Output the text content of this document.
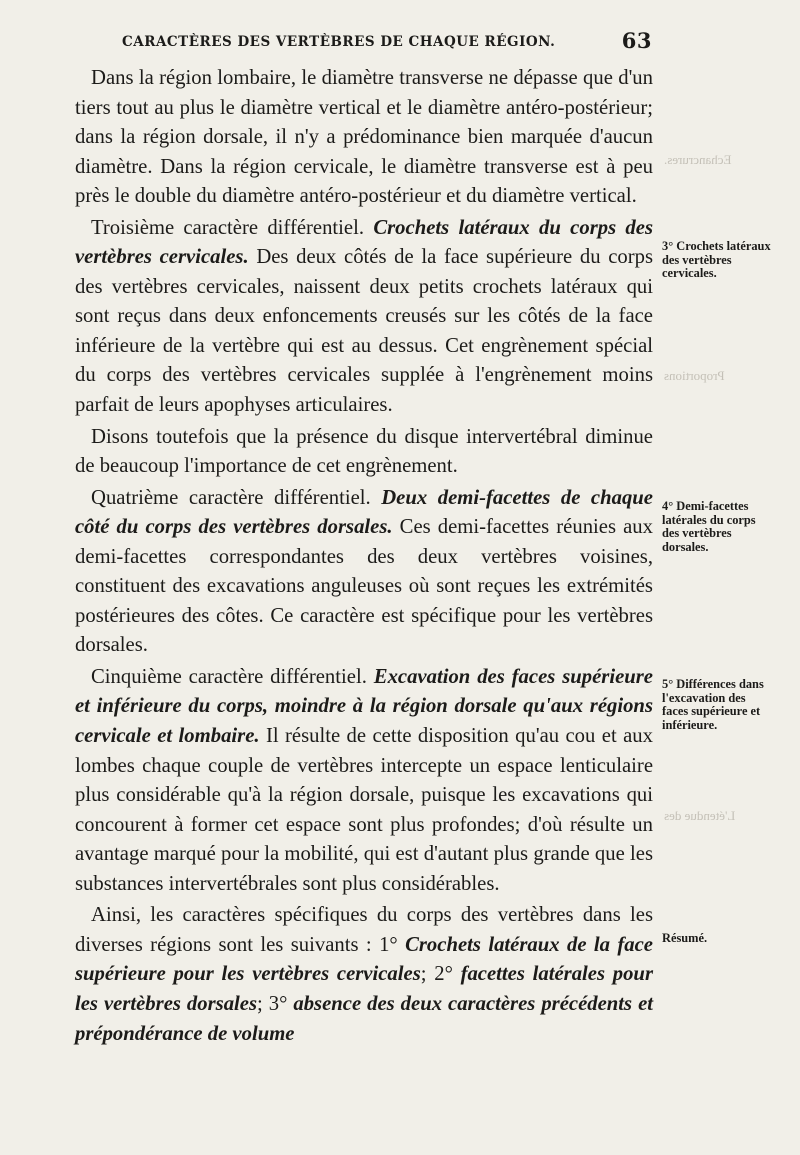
CARACTÈRES DES VERTÈBRES DE CHAQUE RÉGION.	63
Echancrures.
Proportions
L'étendue des

Dans la région lombaire, le diamètre transverse ne dépasse que d'un tiers tout au plus le diamètre vertical et le diamètre antéro-postérieur; dans la région dorsale, il n'y a prédominance bien marquée d'aucun diamètre. Dans la région cervicale, le diamètre transverse est à peu près le double du diamètre antéro-postérieur et du diamètre vertical.

Troisième caractère différentiel. Crochets latéraux du corps des vertèbres cervicales. Des deux côtés de la face supérieure du corps des vertèbres cervicales, naissent deux petits crochets latéraux qui sont reçus dans deux enfoncements creusés sur les côtés de la face inférieure de la vertèbre qui est au dessus. Cet engrènement spécial du corps des vertèbres cervicales supplée à l'engrènement moins parfait de leurs apophyses articulaires.

Disons toutefois que la présence du disque intervertébral diminue de beaucoup l'importance de cet engrènement.

Quatrième caractère différentiel. Deux demi-facettes de chaque côté du corps des vertèbres dorsales. Ces demi-facettes réunies aux demi-facettes correspondantes des deux vertèbres voisines, constituent des excavations anguleuses où sont reçues les extrémités postérieures des côtes. Ce caractère est spécifique pour les vertèbres dorsales.

Cinquième caractère différentiel. Excavation des faces supérieure et inférieure du corps, moindre à la région dorsale qu'aux régions cervicale et lombaire. Il résulte de cette disposition qu'au cou et aux lombes chaque couple de vertèbres intercepte un espace lenticulaire plus considérable qu'à la région dorsale, puisque les excavations qui concourent à former cet espace sont plus profondes; d'où résulte un avantage marqué pour la mobilité, qui est d'autant plus grande que les substances intervertébrales sont plus considérables.

Ainsi, les caractères spécifiques du corps des vertèbres dans les diverses régions sont les suivants : 1° Crochets latéraux de la face supérieure pour les vertèbres cervicales; 2° facettes latérales pour les vertèbres dorsales; 3° absence des deux caractères précédents et prépondérance de volume

3° Crochets latéraux des vertèbres cervicales.
4° Demi-facettes latérales du corps des vertèbres dorsales.
5° Différences dans l'excavation des faces supérieure et inférieure.
Résumé.
